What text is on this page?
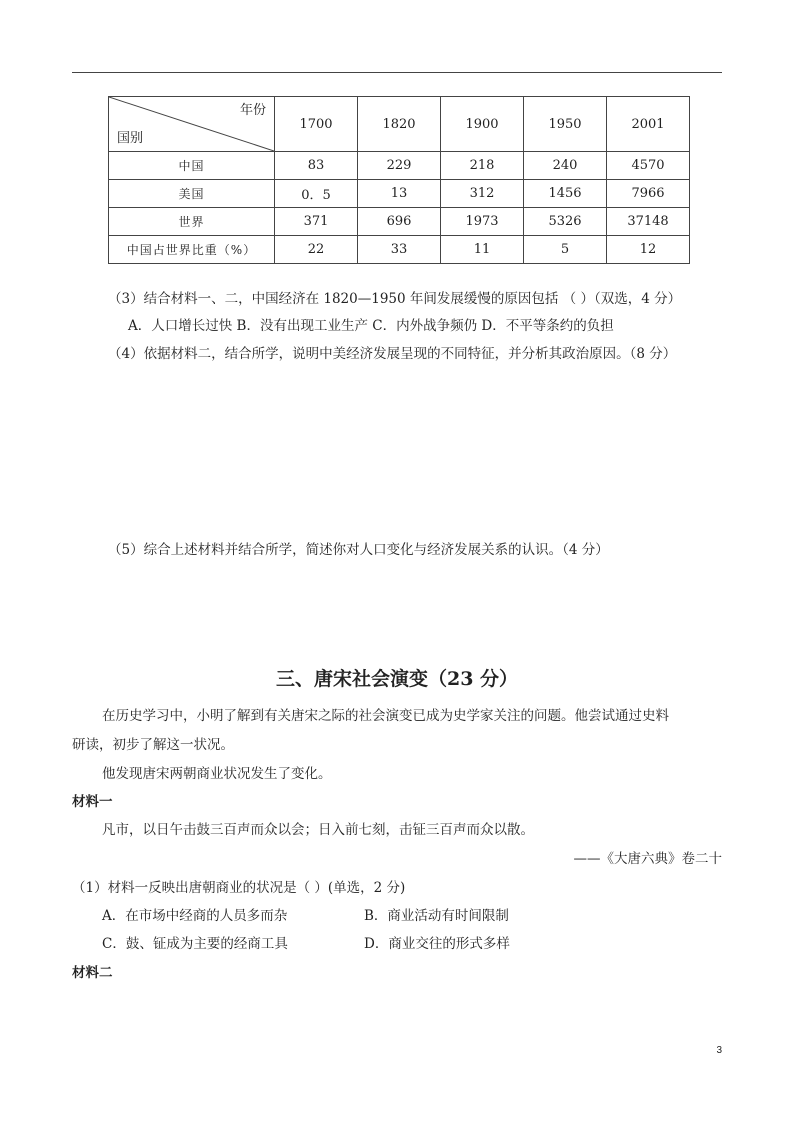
年份
国别	1700	1820	1900	1950	2001
中国	83	229	218	240	4570
美国	0．5	13	312	1456	7966
世界	371	696	1973	5326	37148
中国占世界比重（%）	22	33	11	5	12
（3）结合材料一、二，中国经济在 1820—1950 年间发展缓慢的原因包括 （ ）（双选，4 分）
A．人口增长过快 B．没有出现工业生产 C．内外战争频仍 D．不平等条约的负担
（4）依据材料二，结合所学，说明中美经济发展呈现的不同特征，并分析其政治原因。（8 分）
（5）综合上述材料并结合所学，简述你对人口变化与经济发展关系的认识。（4 分）
三、唐宋社会演变（23 分）
在历史学习中，小明了解到有关唐宋之际的社会演变已成为史学家关注的问题。他尝试通过史料
研读，初步了解这一状况。
他发现唐宋两朝商业状况发生了变化。
材料一
凡市，以日午击鼓三百声而众以会；日入前七刻，击钲三百声而众以散。
——《大唐六典》卷二十
（1）材料一反映出唐朝商业的状况是（ ）(单选，2 分)
A．在市场中经商的人员多而杂	B．商业活动有时间限制
C．鼓、钲成为主要的经商工具	D．商业交往的形式多样
材料二
3
